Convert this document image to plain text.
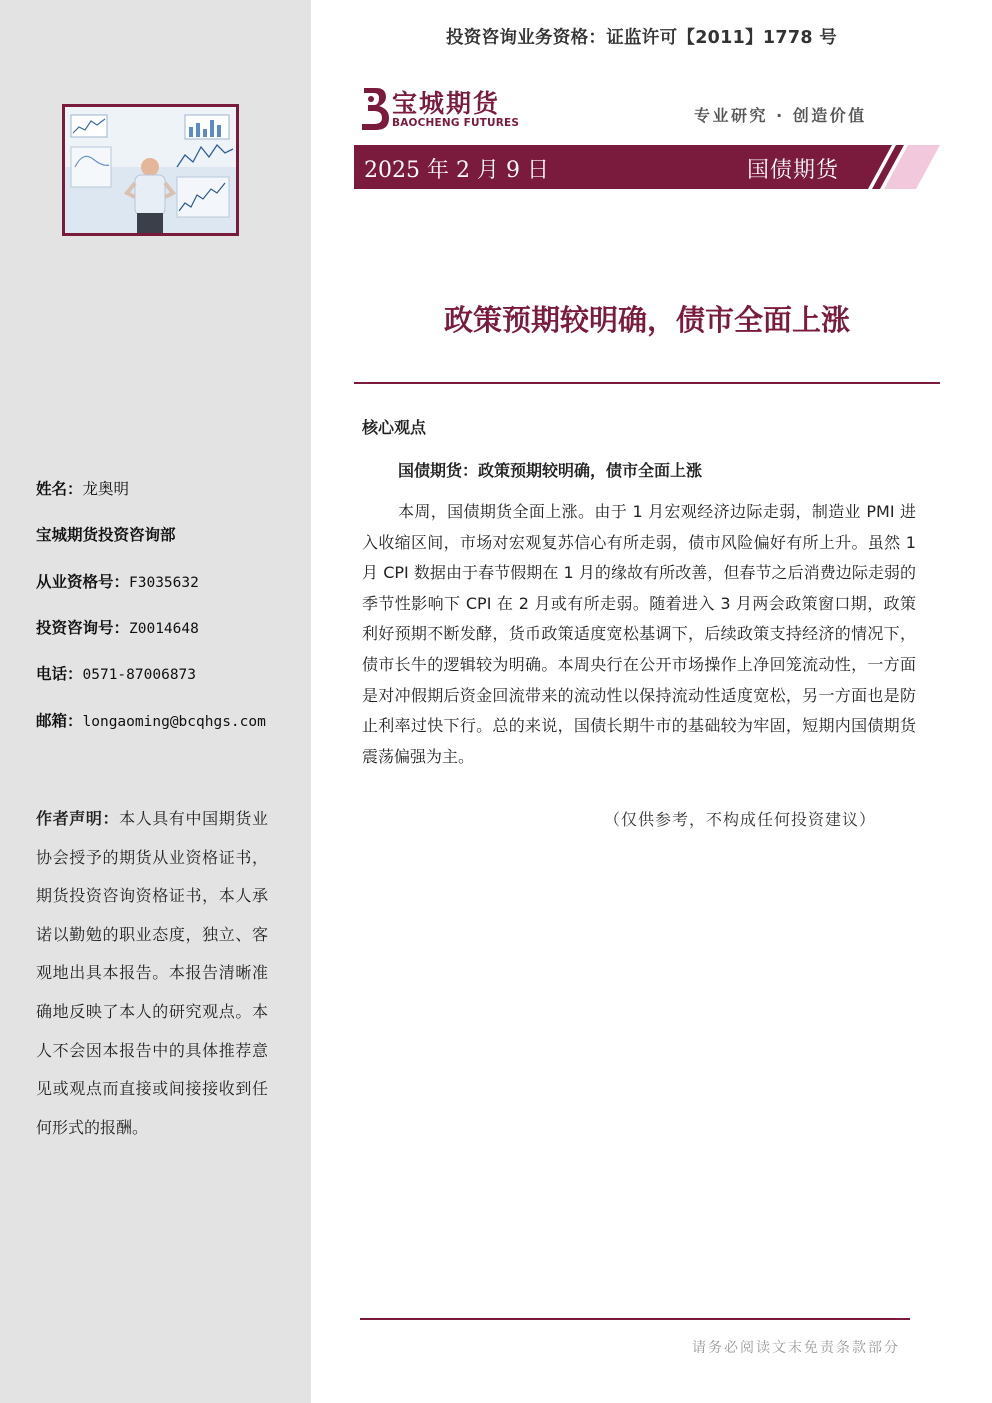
姓名：龙奥明
宝城期货投资咨询部
从业资格号：F3035632
投资咨询号：Z0014648
电话：0571-87006873
邮箱：longaoming@bcqhgs.com
作者声明：本人具有中国期货业协会授予的期货从业资格证书，期货投资咨询资格证书，本人承诺以勤勉的职业态度，独立、客观地出具本报告。本报告清晰准确地反映了本人的研究观点。本人不会因本报告中的具体推荐意见或观点而直接或间接接收到任何形式的报酬。
投资咨询业务资格：证监许可【2011】1778 号
宝城期货
BAOCHENG FUTURES	专业研究 · 创造价值
2025 年 2 月 9 日	国债期货
政策预期较明确，债市全面上涨
核心观点
国债期货：政策预期较明确，债市全面上涨
本周，国债期货全面上涨。由于 1 月宏观经济边际走弱，制造业 PMI 进入收缩区间，市场对宏观复苏信心有所走弱，债市风险偏好有所上升。虽然 1 月 CPI 数据由于春节假期在 1 月的缘故有所改善，但春节之后消费边际走弱的季节性影响下 CPI 在 2 月或有所走弱。随着进入 3 月两会政策窗口期，政策利好预期不断发酵，货币政策适度宽松基调下，后续政策支持经济的情况下，债市长牛的逻辑较为明确。本周央行在公开市场操作上净回笼流动性，一方面是对冲假期后资金回流带来的流动性以保持流动性适度宽松，另一方面也是防止利率过快下行。总的来说，国债长期牛市的基础较为牢固，短期内国债期货震荡偏强为主。
（仅供参考，不构成任何投资建议）
请务必阅读文末免责条款部分
